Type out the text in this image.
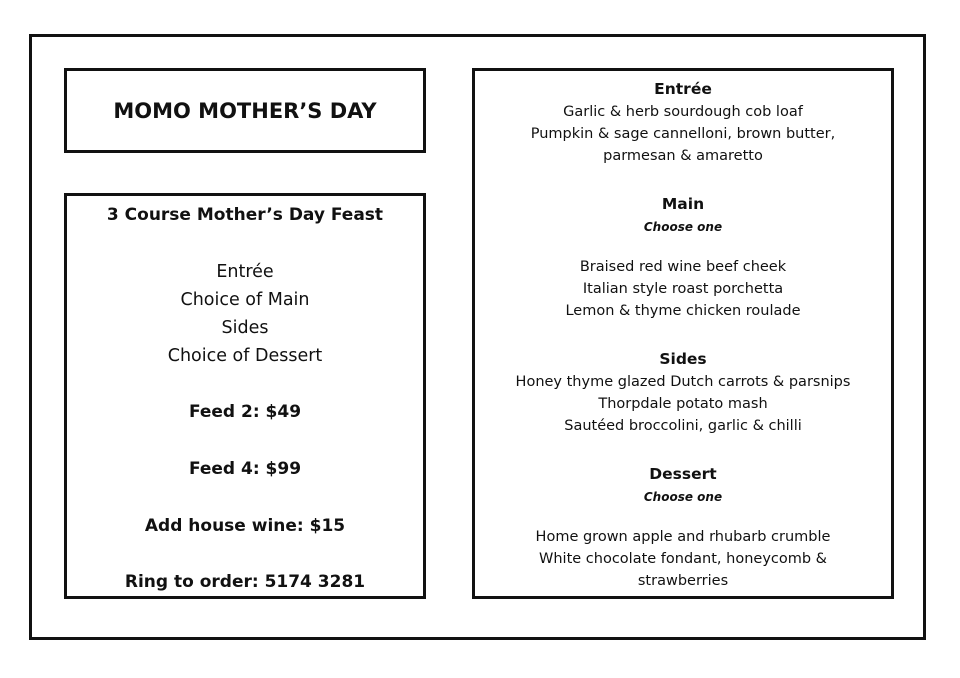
MOMO MOTHER’S DAY
3 Course Mother’s Day Feast
Entrée
Choice of Main
Sides
Choice of Dessert
Feed 2: $49
Feed 4: $99
Add house wine: $15
Ring to order: 5174 3281
Entrée
Garlic & herb sourdough cob loaf
Pumpkin & sage cannelloni, brown butter,
parmesan & amaretto
Main
Choose one
Braised red wine beef cheek
Italian style roast porchetta
Lemon & thyme chicken roulade
Sides
Honey thyme glazed Dutch carrots & parsnips
Thorpdale potato mash
Sautéed broccolini, garlic & chilli
Dessert
Choose one
Home grown apple and rhubarb crumble
White chocolate fondant, honeycomb &
strawberries
